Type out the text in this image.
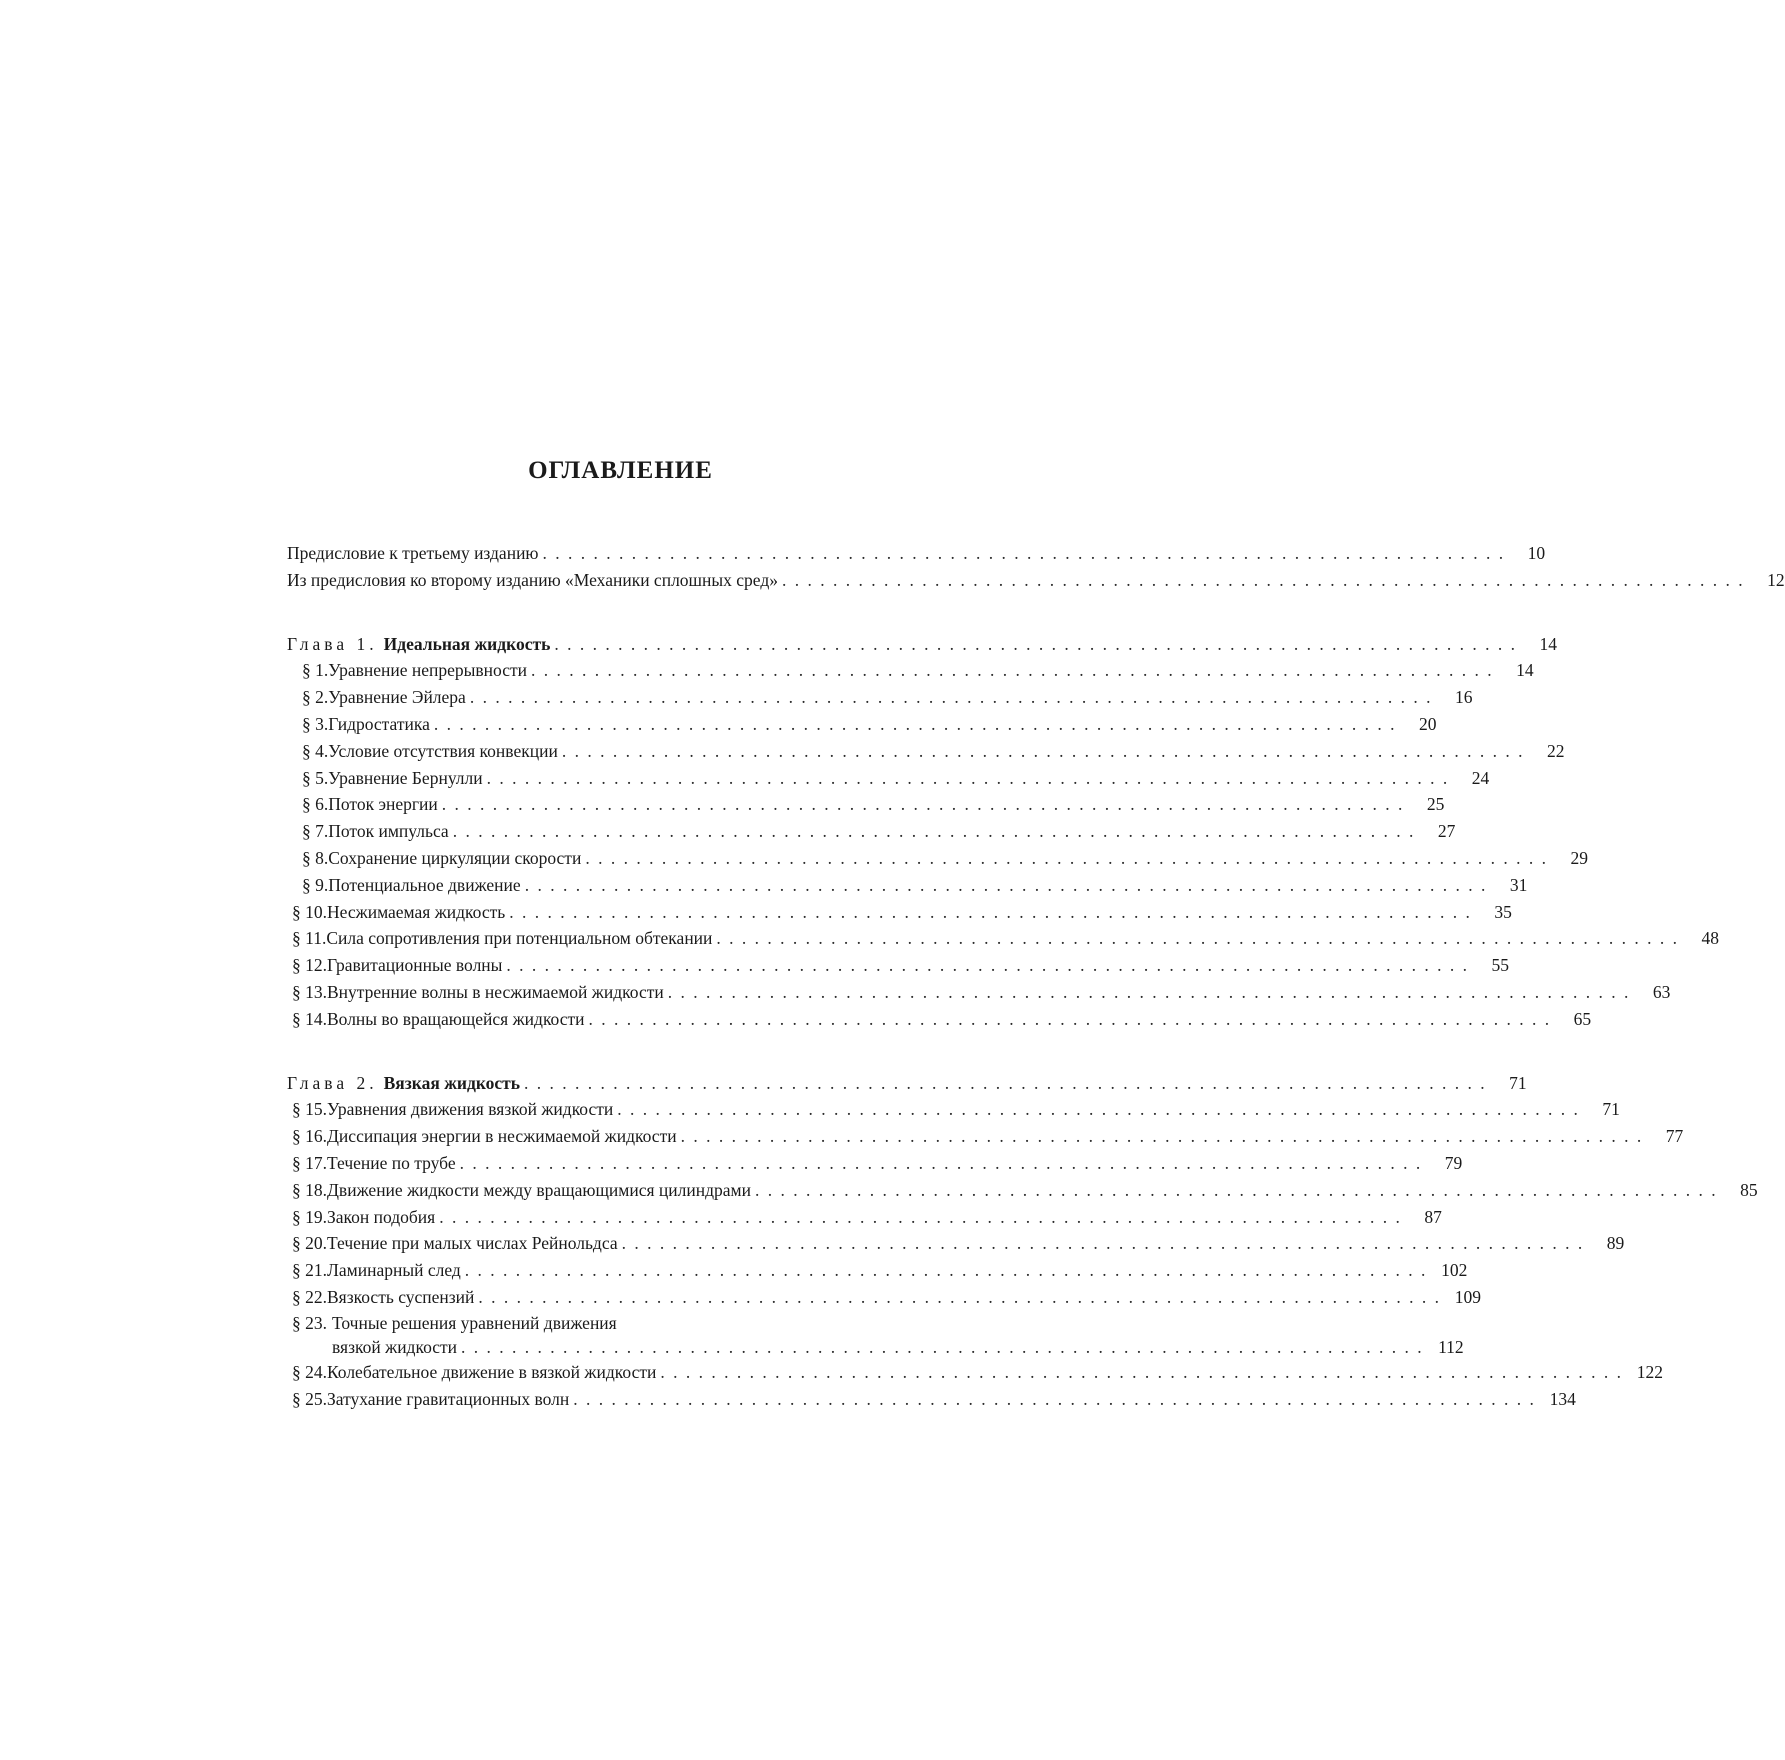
ОГЛАВЛЕНИЕ
Предисловие к третьему изданию . . .	10
Из предисловия ко второму изданию «Механики сплошных сред» . . .	12
Глава 1. Идеальная жидкость . . .	14
§ 1. Уравнение непрерывности . . .	14
§ 2. Уравнение Эйлера . . .	16
§ 3. Гидростатика . . .	20
§ 4. Условие отсутствия конвекции . . .	22
§ 5. Уравнение Бернулли . . .	24
§ 6. Поток энергии . . .	25
§ 7. Поток импульса . . .	27
§ 8. Сохранение циркуляции скорости . . .	29
§ 9. Потенциальное движение . . .	31
§ 10. Несжимаемая жидкость . . .	35
§ 11. Сила сопротивления при потенциальном обтекании . . .	48
§ 12. Гравитационные волны . . .	55
§ 13. Внутренние волны в несжимаемой жидкости . . .	63
§ 14. Волны во вращающейся жидкости . . .	65
Глава 2. Вязкая жидкость . . .	71
§ 15. Уравнения движения вязкой жидкости . . .	71
§ 16. Диссипация энергии в несжимаемой жидкости . . .	77
§ 17. Течение по трубе . . .	79
§ 18. Движение жидкости между вращающимися цилиндрами . . .	85
§ 19. Закон подобия . . .	87
§ 20. Течение при малых числах Рейнольдса . . .	89
§ 21. Ламинарный след . . .	102
§ 22. Вязкость суспензий . . .	109
§ 23. Точные решения уравнений движения
вязкой жидкости . . .	112
§ 24. Колебательное движение в вязкой жидкости . . .	122
§ 25. Затухание гравитационных волн . . .	134
